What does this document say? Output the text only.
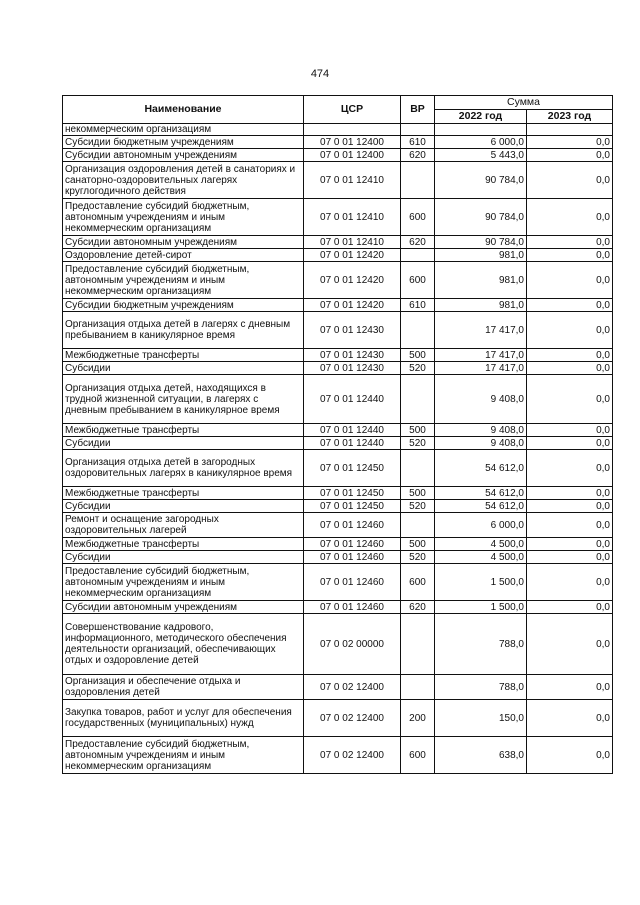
474
Наименование	ЦСР	ВР	Сумма	
			2022 год	2023 год
некоммерческим организациям				
Субсидии бюджетным учреждениям	07 0 01 12400	610	6 000,0	0,0
Субсидии автономным учреждениям	07 0 01 12400	620	5 443,0	0,0
Организация оздоровления детей в санаториях и санаторно-оздоровительных лагерях круглогодичного действия	07 0 01 12410		90 784,0	0,0
Предоставление субсидий бюджетным, автономным учреждениям и иным некоммерческим организациям	07 0 01 12410	600	90 784,0	0,0
Субсидии автономным учреждениям	07 0 01 12410	620	90 784,0	0,0
Оздоровление детей-сирот	07 0 01 12420		981,0	0,0
Предоставление субсидий бюджетным, автономным учреждениям и иным некоммерческим организациям	07 0 01 12420	600	981,0	0,0
Субсидии бюджетным учреждениям	07 0 01 12420	610	981,0	0,0
Организация отдыха детей в лагерях с дневным пребыванием в каникулярное время	07 0 01 12430		17 417,0	0,0
Межбюджетные трансферты	07 0 01 12430	500	17 417,0	0,0
Субсидии	07 0 01 12430	520	17 417,0	0,0
Организация отдыха детей, находящихся в трудной жизненной ситуации, в лагерях с дневным пребыванием в каникулярное время	07 0 01 12440		9 408,0	0,0
Межбюджетные трансферты	07 0 01 12440	500	9 408,0	0,0
Субсидии	07 0 01 12440	520	9 408,0	0,0
Организация отдыха детей в загородных оздоровительных лагерях в каникулярное время	07 0 01 12450		54 612,0	0,0
Межбюджетные трансферты	07 0 01 12450	500	54 612,0	0,0
Субсидии	07 0 01 12450	520	54 612,0	0,0
Ремонт и оснащение загородных оздоровительных лагерей	07 0 01 12460		6 000,0	0,0
Межбюджетные трансферты	07 0 01 12460	500	4 500,0	0,0
Субсидии	07 0 01 12460	520	4 500,0	0,0
Предоставление субсидий бюджетным, автономным учреждениям и иным некоммерческим организациям	07 0 01 12460	600	1 500,0	0,0
Субсидии автономным учреждениям	07 0 01 12460	620	1 500,0	0,0
Совершенствование кадрового, информационного, методического обеспечения деятельности организаций, обеспечивающих отдых и оздоровление детей	07 0 02 00000		788,0	0,0
Организация и обеспечение отдыха и оздоровления детей	07 0 02 12400		788,0	0,0
Закупка товаров, работ и услуг для обеспечения государственных (муниципальных) нужд	07 0 02 12400	200	150,0	0,0
Предоставление субсидий бюджетным, автономным учреждениям и иным некоммерческим организациям	07 0 02 12400	600	638,0	0,0
